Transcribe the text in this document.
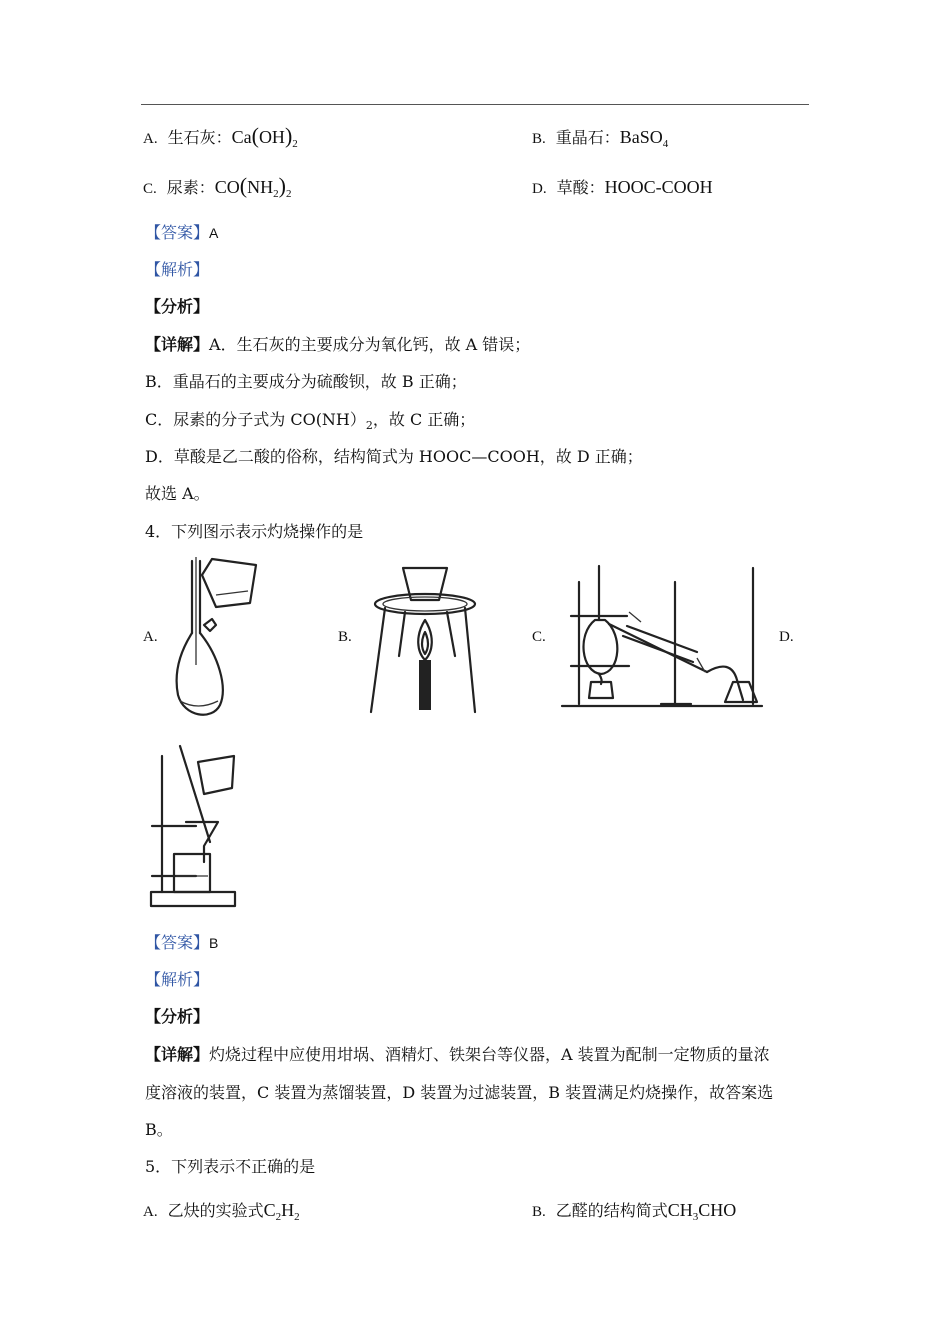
A. 生石灰：$Ca(OH)_2$	B. 重晶石：BaSO$_4$
C. 尿素：$CO(NH_2)_2$	D. 草酸：HOOC-COOH
【答案】A
【解析】
【分析】
【详解】A．生石灰的主要成分为氧化钙，故 A 错误；
B．重晶石的主要成分为硫酸钡，故 B 正确；
C．尿素的分子式为 $CO(NH)_2$，故 C 正确；
D．草酸是乙二酸的俗称，结构简式为 HOOC—COOH，故 D 正确；
故选 A。
4．下列图示表示灼烧操作的是
A.	B.	C.	D.
【答案】B
【解析】
【分析】
【详解】灼烧过程中应使用坩埚、酒精灯、铁架台等仪器，A 装置为配制一定物质的量浓
度溶液的装置，C 装置为蒸馏装置，D 装置为过滤装置，B 装置满足灼烧操作，故答案选
B。
5．下列表示不正确的是
A. 乙炔的实验式$C_2H_2$	B. 乙醛的结构简式$CH_3CHO$
